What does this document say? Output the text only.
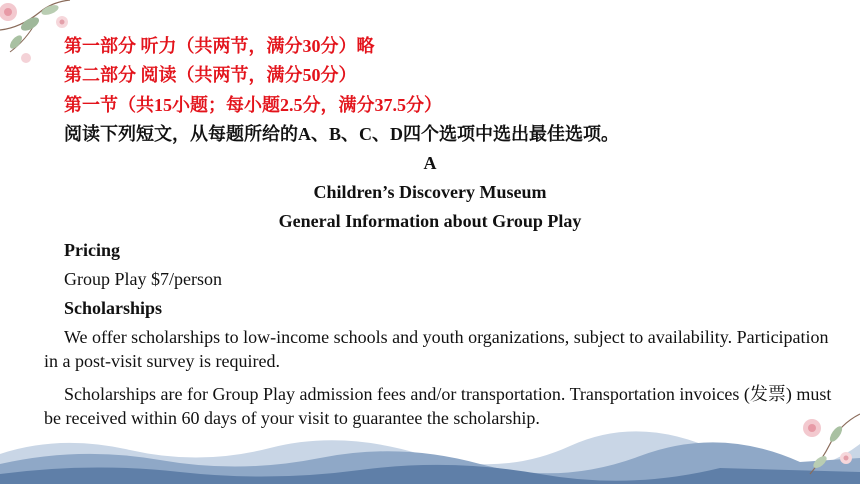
第一部分 听力（共两节，满分30分）略
第二部分 阅读（共两节，满分50分）
第一节（共15小题；每小题2.5分，满分37.5分）
阅读下列短文，从每题所给的A、B、C、D四个选项中选出最佳选项。
A
Children’s Discovery Museum
General Information about Group Play
Pricing
Group Play $7/person
Scholarships
We offer scholarships to low-income schools and youth organizations, subject to availability. Participation in a post-visit survey is required.
Scholarships are for Group Play admission fees and/or transportation. Transportation invoices (发票) must be received within 60 days of your visit to guarantee the scholarship.
